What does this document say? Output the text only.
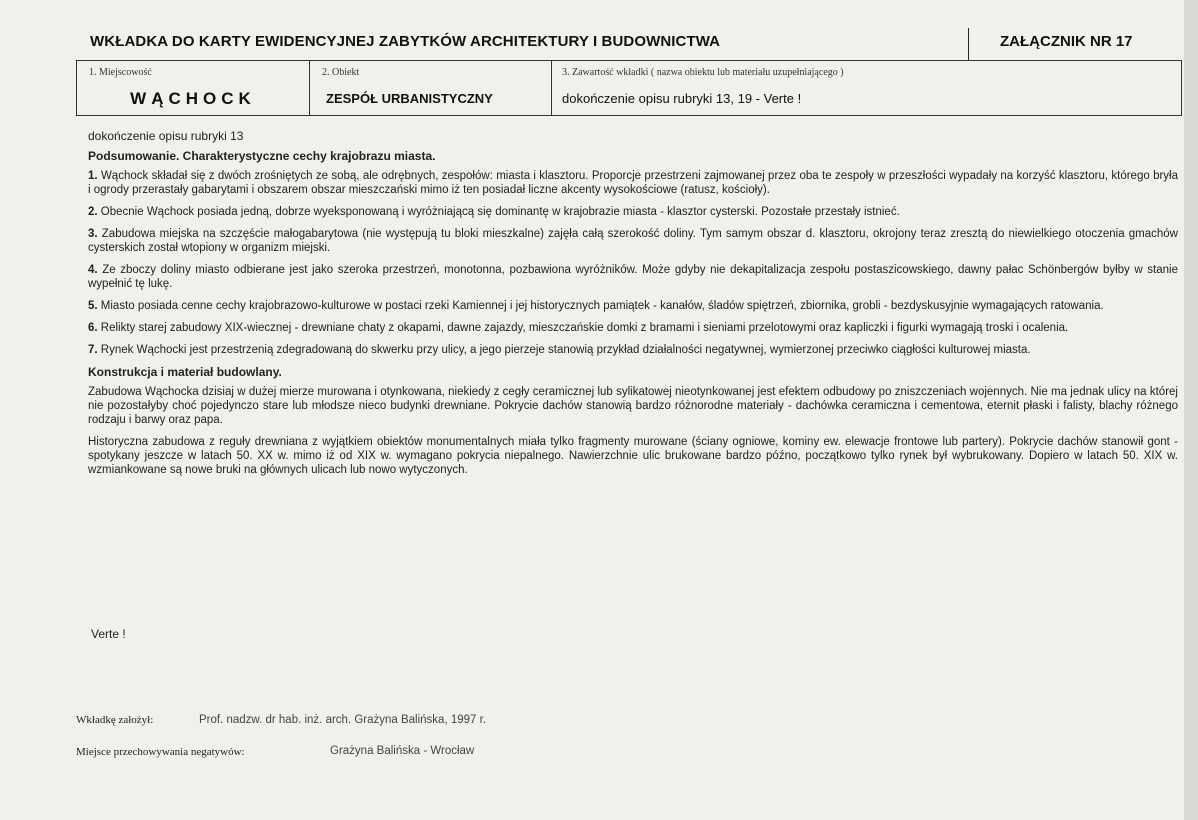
WKŁADKA DO KARTY EWIDENCYJNEJ ZABYTKÓW ARCHITEKTURY I BUDOWNICTWA	ZAŁĄCZNIK NR 17
1. Miejscowość
WĄCHOCK
2. Obiekt
ZESPÓŁ URBANISTYCZNY
3. Zawartość wkładki ( nazwa obiektu lub materiału uzupełniającego )
dokończenie opisu rubryki 13, 19 - Verte !

dokończenie opisu rubryki 13

Podsumowanie. Charakterystyczne cechy krajobrazu miasta.

1. Wąchock składał się z dwóch zrośniętych ze sobą, ale odrębnych, zespołów: miasta i klasztoru. Proporcje przestrzeni zajmowanej przez oba te zespoły w przeszłości wypadały na korzyść klasztoru, którego bryła i ogrody przerastały gabarytami i obszarem obszar mieszczański mimo iż ten posiadał liczne akcenty wysokościowe (ratusz, kościoły).

2. Obecnie Wąchock posiada jedną, dobrze wyeksponowaną i wyróżniającą się dominantę w krajobrazie miasta - klasztor cysterski. Pozostałe przestały istnieć.

3. Zabudowa miejska na szczęście małogabarytowa (nie występują tu bloki mieszkalne) zajęła całą szerokość doliny. Tym samym obszar d. klasztoru, okrojony teraz zresztą do niewielkiego otoczenia gmachów cysterskich został wtopiony w organizm miejski.

4. Ze zboczy doliny miasto odbierane jest jako szeroka przestrzeń, monotonna, pozbawiona wyróżników. Może gdyby nie dekapitalizacja zespołu postaszicowskiego, dawny pałac Schönbergów byłby w stanie wypełnić tę lukę.

5. Miasto posiada cenne cechy krajobrazowo-kulturowe w postaci rzeki Kamiennej i jej historycznych pamiątek - kanałów, śladów spiętrzeń, zbiornika, grobli - bezdyskusyjnie wymagających ratowania.

6. Relikty starej zabudowy XIX-wiecznej - drewniane chaty z okapami, dawne zajazdy, mieszczańskie domki z bramami i sieniami przelotowymi oraz kapliczki i figurki wymagają troski i ocalenia.

7. Rynek Wąchocki jest przestrzenią zdegradowaną do skwerku przy ulicy, a jego pierzeje stanowią przykład działalności negatywnej, wymierzonej przeciwko ciągłości kulturowej miasta.

Konstrukcja i materiał budowlany.

Zabudowa Wąchocka dzisiaj w dużej mierze murowana i otynkowana, niekiedy z cegły ceramicznej lub sylikatowej nieotynkowanej jest efektem odbudowy po zniszczeniach wojennych. Nie ma jednak ulicy na której nie pozostałyby choć pojedynczo stare lub młodsze nieco budynki drewniane. Pokrycie dachów stanowią bardzo różnorodne materiały - dachówka ceramiczna i cementowa, eternit płaski i falisty, blachy różnego rodzaju i barwy oraz papa.

Historyczna zabudowa z reguły drewniana z wyjątkiem obiektów monumentalnych miała tylko fragmenty murowane (ściany ogniowe, kominy ew. elewacje frontowe lub partery). Pokrycie dachów stanowił gont - spotykany jeszcze w latach 50. XX w. mimo iż od XIX w. wymagano pokrycia niepalnego. Nawierzchnie ulic brukowane bardzo późno, początkowo tylko rynek był wybrukowany. Dopiero w latach 50. XIX w. wzmiankowane są nowe bruki na głównych ulicach lub nowo wytyczonych.

Verte !
Wkładkę założył:	Prof. nadzw. dr hab. inż. arch. Grażyna Balińska, 1997 r.
Miejsce przechowywania negatywów:	Grażyna Balińska - Wrocław
